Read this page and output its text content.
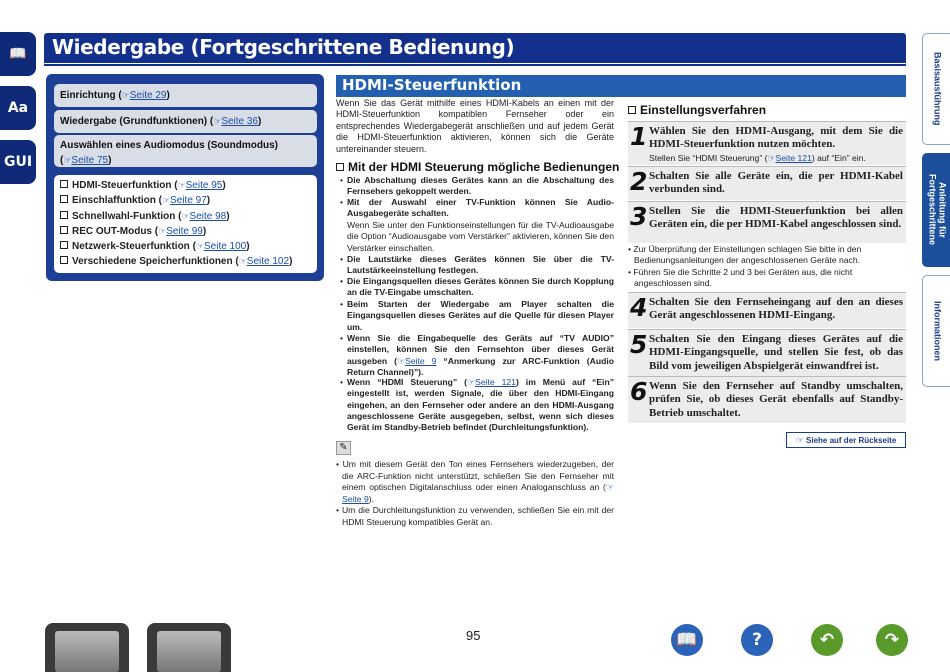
📖
Aa
GUI
Wiedergabe (Fortgeschrittene Bedienung)
Basisausführung
Anleitung für Fortgeschrittene
Informationen
Einrichtung (☞Seite 29)
Wiedergabe (Grundfunktionen) (☞Seite 36)
Auswählen eines Audiomodus (Soundmodus)
(☞Seite 75)
HDMI-Steuerfunktion (☞Seite 95)
Einschlaffunktion (☞Seite 97)
Schnellwahl-Funktion (☞Seite 98)
REC OUT-Modus (☞Seite 99)
Netzwerk-Steuerfunktion (☞Seite 100)
Verschiedene Speicherfunktionen (☞Seite 102)
HDMI-Steuerfunktion

Wenn Sie das Gerät mithilfe eines HDMI-Kabels an einen mit der HDMI-Steuerfunktion kompatiblen Fernseher oder ein entsprechendes Wiedergabegerät anschließen und auf jedem Gerät die HDMI-Steuerfunktion aktivieren, können sich die Geräte untereinander steuern.

Mit der HDMI Steuerung mögliche Bedienungen
• Die Abschaltung dieses Gerätes kann an die Abschaltung des Fernsehers gekoppelt werden.

• Mit der Auswahl einer TV-Funktion können Sie Audio-Ausgabegeräte schalten.

Wenn Sie unter den Funktionseinstellungen für die TV-Audioausgabe die Option “Audioausgabe vom Verstärker” aktivieren, können Sie den Verstärker einschalten.

• Die Lautstärke dieses Gerätes können Sie über die TV-Lautstärkeeinstellung festlegen.

• Die Eingangsquellen dieses Gerätes können Sie durch Kopplung an die TV-Eingabe umschalten.

• Beim Starten der Wiedergabe am Player schalten die Eingangsquellen dieses Gerätes auf die Quelle für diesen Player um.

• Wenn Sie die Eingabequelle des Geräts auf “TV AUDIO” einstellen, können Sie den Fernsehton über dieses Gerät ausgeben (☞Seite 9 “Anmerkung zur ARC-Funktion (Audio Return Channel)”).

• Wenn “HDMI Steuerung” (☞Seite 121) im Menü auf “Ein” eingestellt ist, werden Signale, die über den HDMI-Eingang eingehen, an den Fernseher oder andere an den HDMI-Ausgang angeschlossene Geräte ausgegeben, selbst, wenn sich dieses Gerät im Standby-Betrieb befindet (Durchleitungsfunktion).

✎

• Um mit diesem Gerät den Ton eines Fernsehers wiederzugeben, der die ARC-Funktion nicht unterstützt, schließen Sie den Fernseher mit einem optischen Digitalanschluss oder einen Analoganschluss an (☞Seite 9).

• Um die Durchleitungsfunktion zu verwenden, schließen Sie ein mit der HDMI Steuerung kompatibles Gerät an.

Einstellungsverfahren
1 Wählen Sie den HDMI-Ausgang, mit dem Sie die HDMI-Steuerfunktion nutzen möchten.
Stellen Sie “HDMI Steuerung” (☞Seite 121) auf “Ein” ein.
2 Schalten Sie alle Geräte ein, die per HDMI-Kabel verbunden sind.
3 Stellen Sie die HDMI-Steuerfunktion bei allen Geräten ein, die per HDMI-Kabel angeschlossen sind.

• Zur Überprüfung der Einstellungen schlagen Sie bitte in den Bedienungsanleitungen der angeschlossenen Geräte nach.

• Führen Sie die Schritte 2 und 3 bei Geräten aus, die nicht angeschlossen sind.

4 Schalten Sie den Fernseheingang auf den an dieses Gerät angeschlossenen HDMI-Eingang.
5 Schalten Sie den Eingang dieses Gerätes auf die HDMI-Eingangsquelle, und stellen Sie fest, ob das Bild vom jeweiligen Abspielgerät einwandfrei ist.
6 Wenn Sie den Fernseher auf Standby umschalten, prüfen Sie, ob dieses Gerät ebenfalls auf Standby-Betrieb umschaltet.
☞ Siehe auf der Rückseite
95	📖	?	↶	↷
